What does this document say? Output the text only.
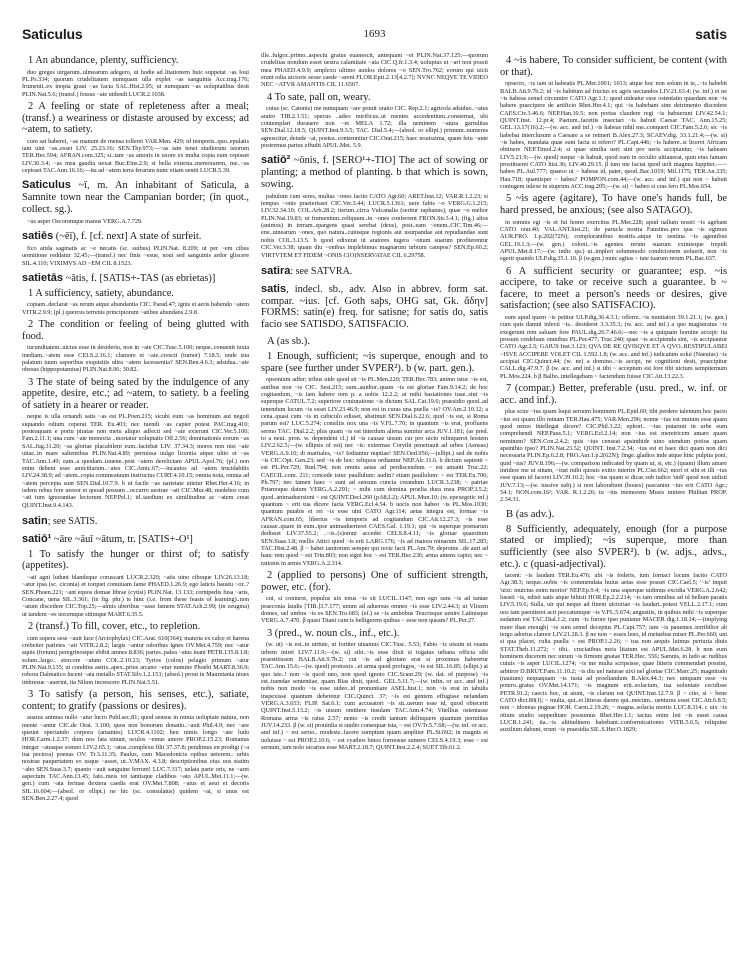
Saticulus	1693	satis

1 An abundance, plenty, sufficiency.

duo greges uirgarum..ulmearum adegero, ut hodie ad litationem huic suppetat ~as Ioui PL.Ps.334; quorum crudelitatem numquam ulla explet ~as sanguinis Acc.trag.176; frumenti..ex inopia graui ~as facta SAL.Hist.2.95; ut numquam ~as uoluptatibus desit PLIN.Nat.5.6; (transf.) fessus ~ate uidendi LUCR.2.1038.

2 A feeling or state of repleteness after a meal; (transf.) a weariness or distaste aroused by excess; ad ~atem, to satiety.

cum sat haberet, ~as manum de mensa tolleret VAR.Men. 429; id temporis..quo..epulatis iam uini ~as..esset LIV. 25.23.16; SEN.Thy.973;—~as iam tenet studiorum istorum TER.Hec.594; AFRAN.com.325; si..iam ~as amoris in uxore ex multa copia eum cepisset LIV.30.3.4; ~as mea gaudia uexat Buc.Eins.2.9; si bella externa..memorarem, me..~as cepisset TAC.Ann.16.16;—ita ad ~atem terra ferarum nunc etiam sentit LUCR.5.39.

Saticulus ~ī, m. An inhabitant of Saticula, a Samnite town near the Campanian border; (in quot., collect. sg.).

~us asper Oscorumque manus VERG.A.7.729.

satiēs (~ēī), f. [cf. next] A state of surfeit.

fico arida saginatis ac ~e necatis (sc. suibus) PLIN.Nat. 8.209; ut per ~em cibus uomitione reddatur 32.45;—(transf.) nec finis ~esue, noui sed sanguinis ardor gliscere SIL.4.110; VIXIMVS AD ~EM CIL 8.1523.

satietās ~ātis, f. [SATIS+-TAS (as ebrietas)]

1 A sufficiency, satiety, abundance.

copiam..declarat ~as rerum atque abundantia CIC. Parad.47; ignis et aeris habendo ~atem VITR.2.9.9; (pl.) quercus terrenis principiorum ~atibus abundans 2.9.8.

2 The condition or feeling of being glutted with food.

iucunditatem..uictus esse in desiderio, non in ~ate CIC.Tusc.5.100; neque..conuenit iuxta inediam..~atem esse CELS.2.16.1; clamore et ~ate..crescit (tumor) 7.18.5; unde ista palatum tuum saporibus exquisitis ultra ~atem lacessentia? SEN.Ben.4.6.3; adsidua..~ate obesus (hippopotamius) PLIN.Nat.8.96; 30.82.

3 The state of being sated by the indulgence of any appetite, desire, etc.; ad ~atem, to satiety. b a feeling of satiety in a hearer or reader.

neque is ulla ornandi satis ~as est PL.Poen.215; sicubi eum ~as hominum aut negoti siquando odium ceperat TER. Eu.403; nec tuendi ~as capier potest PAC.trag.410; posteaquam e portu piratae non metu aliquo adfecti sed ~ate exierunt CIC.Ver.5.100; Fam.2.11.1; una cum ~ate memoria ..moriatur uoluptatis Off.2.56; dominationis eorum ~as SAL.Jug.31.20; ~as gloriae placabilem eum..faciebat LIV. 37.34.3; mores non nisi ~ate uitae..in mare salientibus PLIN.Nat.4.89; permissa uulgo licentia atque ultio et ~as TAC.Ann.1.49; eam..a quodam..iuuene..post ~atem derelictam APUL.Apol.76; (pl.) non enim debent esse amicitiarum..~ates CIC.Amic.67;—incautos ad ~atem trucidabitis LIV.24.38.9; ad ~atem..copia commeatuum instructus CURT.4.10.15; omnia nota, omnia ad ~atem percepta sunt SEN.Dial.10.7.9. b ut facile ~as uarietate uitetur Rhet.Her.4.16; in isdem rebus fere uersor et quoad possum ..occurro uestrae ~ati CIC.Mur.48; medebor cum ~ati tum ignorantiae lectorum NEP.Pel.1; id..taedium ex similitudine ac ~atem creat QUINT.Inst.9.4.143.

satin; see SATIS.

satiō¹ ~āre ~āuī ~ātum, tr. [SATIS+-O¹]

1 To satisfy the hunger or thirst of; to satisfy (appetites).

~ati agni ludunt blandeque coruscant LUCR.2.320; ~atis uino ciboque LIV.26.13.18; ~atur ipsa (sc. ciconia) et torquet conuiuam fame PHAED.1.26.9; ego laticis haustu ~or..? SEN.Phoen.221; ~ant equos domae librae (cytisi) PLIN.Nat. 13.133; cornipedis fusa ~aris, Concane, uena SIL.3.361; (in fig. phr.) te hinc (i.e. from these feasts of learning)..non ~atum discedere CIC.Top.25;—almis uberibus ~asse famem STAT.Ach.2.99; (in zeugma) ut tandem ~es uocemque sitimque MART.6.35.5.

2 (transf.) To fill, cover, etc., to repletion.

cum supera sese ~auit luce (Arctophylax) CIC.Arat. 610(364); materia ex calce et harena crebeiter parietes ~ati VITR.2.8.2; largis ~antur odoribus ignes OV.Met.4.759; nec ~atur aquis (fretum) peregrinosque ebibit amnes 8.836; paries..palea ~atus inani PETR.135.8.1.8; solum..largo.. stercore ~atum COL.2.10.23; Tyrios (colos) pelagio primum ~atur PLIN.Nat.9.135; ut conditus astris..apex..prius arcano ~etur numine Phoebi MART.8.36.9; robora Dalmatico lucent ~ata metallo STAT.Silv.1.2.153; (absol.) prout in Mauretania niues imbresue ~auerint, ita Nilum increscere PLIN.Nat.5.51.

3 To satisfy (a person, his senses, etc.), satiate, content; to gratify (passions or desires).

auarus animus nullo ~atur lucro Publ.sec.81; quod sensus in nimia uoluptate natura, non mente ~antur CIC.de Orat. 3.100; quos non bonorum donatio..~auit Phil.4.9; nec ~are queunt spectando corpora (amantes) LUCR.4.1102; heu nimis longo ~ate ludo HOR.Carm.1.2.37; dum nos fata sinunt, oculos ~emus amore PROP.2.15.23; Romanus integer ~atusque somno LIV.2.65.1; ~atus..complexu filii 37.37.8; pendimus en prodigi (~a tua pectora) poenas OV. Tr.3.11.35; Paulus, cum Macedonicis opibus ueterem.. urbis nostrae paupertatem eo usque ~asset, ut..V.MAX. 4.3.8; descriptionibus eius uos statim ~abo SEN.Suas.3.7; quanto ~auit sanguine ferrum! LUC.7.317; uelata parte oris, ne ~aret aspectum TAC.Ann.13.45; fato..meis tot tantisque cladibus ~ato APUL.Met.11.1;—(w. gen.) cum ~ata ferinae dextera caedis erat OV.Met.7.808; ~atus et aeui et decoris SIL.16.604;—(absol. or ellipt.) ne hic (sc. consulatus) quidem ~at, si unus est SEN.Ben.2.27.4; quod

ille..fulgor..primo..aspectu gratus euanescit, antequam ~et PLIN.Nat.37.125;—quorum crudelitas nondum esset uestra calamitate ~ata CIC.Q.fr.1.3.4; uoluptas ut ~ari non possit mea PHAED.4.9.9; amplexu ultimo auidos dolores ~o SEN.Tro.762; eorum qui uicti erant odia uictoris sesse caede ~arent FLOR.Epit.2.13[4.2.7]; NVNC NEQVE TE VIDEO NEC ~ATVR AMANTIS CIL 11.6507.

4 To sate, pall on, weary.

cuius (sc. Catonis) me numquam ~are potuit oratio CIC. Rep.2.1; agricola adsiduo..~atus aratro TIB.2.1.51; specus ..adeo mirificus..ut mentes accedentium..consternat, ubi contemplari durauere non ~et MELA 1.72; illa neminem ~atura garrulitas SEN.Dial.12.18.5; QUINT.Inst.9.3.5; TAC. Dial.5.4;—(absol. or ellipt.) primum..numerus agnoscitur, deinde ~at, postea..contemnitur CIC.Orat.215; haec nouissima, quam fetu ~ante postremus partus effudit APUL.Met. 5.9.

satiō² ~ōnis, f. [SERO¹+-TIO] The act of sowing or planting; a method of planting. b that which is sown, sowing.

pabulum cum seres, multas ~ones facito CATO Agr.60; ARET.hist.12; VAR.R.1.2.23; si tempus ~onis praeterisset CIC.Ver.3.44; LUCR.5.1361; uere fabis ~o VERG.G.1.215; LIV.32.34.10; COL.Arb.28.2; iterum..circa Vulcanalia (seritur raphanus), quae ~o melior PLIN.Nat.19.83; ut frumentum..reliquum..in ~ones conferrent FRON.Str.3.4.1; (fig.) alios (animos) in terram..spargens quasi serebat (deus), post..eam ~onem..CIC.Tim.46;—ene..uinearum ~ones, quo natura..cuiusque regionis aut usurpandae aut repudiandae sunt nobis COL.3.13.5. b quod edixerat ut aratores iugera ~onum suarum profiterentur CIC.Ver.3.38; quam diu ~onibus implebimus magnarum urbium campos? SEN.Ep.60.2; VIRTVTEM ET FIDEM ~ONIS C(O)NSERVATAE CIL 6.29758.

satira: see SATVRA.

satis, indecl. sb., adv. Also in abbrev. form sat. compar. ~ius. [cf. Goth saþs, OHG sat, Gk. ἄδην] FORMS: satin(e) freq. for satisne; for satis do, satis facio see SATISDO, SATISFACIO.

A (as sb.).

1 Enough, sufficient; ~is superque, enough and to spare (see further under SVPER²). b (w. part. gen.).

opsonium adfer; tribus uide quod sit ~is PL.Men.220; TER.Hec.783; animo istuc ~is est, auribus non ~is CIC. Sest.215; sum..auidior..quam ~is est gloriae Fam.9.14.2; de hoc cogitandum, ~is iam habere rem p. a uobis 12.2.2; at mihi basiationes tuae..sint ~is superque CATUL.7.2; superiore coniuratione ~is dictum SAL.Cat.19.6; praesidio quod..ad tenendum locum ~is esset LIV.23.46.9; non est in curas una puella ~is? OV.Am.2.10.12; a cena..quasi cum ~is in cubiculo edisset, abstinuit SEN.Dial.6.22.6; quid ~is est, si Roma parum est? LUC.5.274; consiliis nox una ~is V.FL.7.70; in quantum ~is erat, profluens sermo TAC. Dial.2.2; plus quam ~is est interdum aliena sumitur arca JUV.1.181; (as pred. to a neut. pron. w. dependent cl.) id ~is causae uisum cur pro uicto relinqueret hostem LIV.2.62.5;—(w. ellipsis of est) nec ~is: extremas Corythi penetrauit ad urbes (Aeneas) VERG.A.9.10; di maritales, ~is? Iodiantur nuptiae! SEN.Oed.956;—(ellipt.) sed de nobis ~is CIC.Opt. Gen.23; sed ~is de hoc: reliquos ordiamur NEP.Alc.11.6. b dictum sapienti ~ est PL.Per.729; Rud.794; non omnis aetas ad perdiscendum ~ est amanti Truc.22; CAECIL.com. 211; concede istuc paullulum: audin? etiam paullulum: ~ est TER.Eu.706; Ph.797; nec tamen haec ~ sunt ad sensum cuncta creandum LUCR.3.238; ~ patriae Priamoque datum VERG.A.2.291; ~ mihi cum domina proelia dura mea PROP.3.5.2; quod..animaduersioni ~ est QUINT.Decl.260 (p.68,L2); APUL.Mun.10; (w. epexegetic inf.) quantum ~ erit tua dicere facta VERG.Ecl.4.54. b uocis non habeo ~is PL.Mos.1030; quantum putabis ei rei ~is esse uini CATO Agr.114; aetas integra est, formae ~is AFRAN.com.65; liberius ~is temporis ad cogitandum CIC.Att.12.27.3; ~is esse causae..quare in eum..ipse animaduerteret CAES.Gal. 1.19.1; qui ~is superque poenarum dedisset LIV.37.55.2; ..~is..(s)omni accedet CELS.8.4.11; ~is gloriae quaesitum SEN.Suas.1.8; mellis Attici quod ~is erit LARG.176; ~is ad maiora minarum SIL.17.285; TAC.Hist.2.48. β ~ habet ianitorum semper qui recte facit PL.Am.79; deprome ..de auri ad hanc rem quod ~ est Trin.803; non signi hoc ~ est TER.Hec.236; arma amens capio; nec ~ rationis in armis VERG.A.2.314.

2 (applied to persons) One of sufficient strength, power, etc. (for).

cui, si coniurot, populus uix totus ~is sit LUCIL.1147; non ego sum ~is ad tantae praeconia laudis [TIB.]3.7.177; unum ad aduersus omnes ~is esse LIV.2.44.3; ut Vlixem domes, uel umbra ~is es SEN.Tro.683; (ef.) se ~is ambobus Teucrisque uenire Latinisque VERG.A.7.470. β quasi Titani cum is belligerem quibus ~ esse non queam? PL.Per.27.

3 (pred., w. noun cls., inf., etc.).

(w. ut) ~is est..in uirtute, ut fortiter uiuamus CIC.Tusc. 5.53; Fabio ~is uisum ut ouans urbem iniret LIV.7.11.9;—(w. si) sibi..~is esse dixit si togatus urbana officia sibi praestitissem BALB.Att.9.7b.2; cui ~is ad gloriam erat si proximus haberetur TAC.Ann.15.6;—(w. quod) protraxis ..et arma quod profugos, ~is est SIL.16.85; (ellipt.) at quo iste..! non ~is quod uno, non quod ignoto CIC.Scaur.29; (w. dat. of purpose) ~is est..tuendae sententiae, quam Bias dixit, quod.. GEL.5.11.7;—(w. infin. or acc. and inf.) nobis non modo ~is esse uideo..id pronuntiare ASEL.hist.1; non ~is erat in tabulis inspexisse quantum deberetur CIC.Quinct. 37; ~is est gentem effugisse nefandam VERG.A.3.653; FLIP. Sat.6.1; cum accusatori ~is sit..uerum esse id, quod obiecerit QUINT.Inst.5.13.2; ~is uisum omittere insulam TAC.Ann.4.74; Vitellius ostentasse Romana arma ~is ratus 2.57; nemo ~is credit tantum delinquere quantum permittas JUV.14.233. β (w. si) prouinlia si studio consequar ista, ~ est OV.Tr.5.7.68;—(w. inf. or acc. and inf.) ~ est seruo.. modeste..facere sumptum quam ampliter PL.St.692; in magnis et uoluisse ~ est PROP.2.10.6; ~ est cyathos binos formosue sumere CELS.4.19.3; esse ~ est seruum, iam nolo uicarius esse MART.2.18.7; QUINT.Inst.2.2.4; SUET.Tib.61.2.

4 ~is habere, To consider sufficient, be content (with or that).

opsecro, ~is iam ut habeatis PL.Mer.1001; 1013; atque hoc non solum in te,..~is habebit BALB.Att.9.7b.2; id ~is habitum ad fructus ex agris uectandos LIV.21.63.4; (w. inf.) et ne ~is habeas semel circumire CATO Agr.1.1; quod uideatur esse ostentatio quaedam non ~is habere praecipere de artificio Rhet.Her.4.1; qui ~is habebant sine detrimento discedere CAES.Civ.3.46.6; NEP.Han.10.5; non portas claudere regi ~is habuerunt LIV.42.54.1; QUINT.Inst. 12.pr.4; Paetum..facetiis insectari ~is habuit Caesar TAC. Ann.15.25; GEL.13.17(16).2;—(w. acc. and inf.) ~is habeas nihil me..conqueri CIC.Fam.5.2.6; sic ~is habebat interclusum a Caesare a se retineri B.Alex.27.3; SCAEV.dig. 33.1.21.4;—(w. si) ~is habes, mandata quae sunt facta si refero? PL.Capt.446; ~is habere..si liceret Africam obtinere NEP.Timol.2.4; si quae similia ueri sint pro ueris accipiantur, ~is habeam LIV.5.21.9;—(w. quod) neque ~is habuit, quod eam in occulto uitiauerat, quin eius famam prostitueret CATO hist.36; LIV.40.29.15. β tum me faciat quod uolt magnus Iuppiter..—~ habeo PL.Aul.777; quaeso ut ~ habeas id, pater, quod..Bac.1019; Mil.1175; TER.An.335; Hau.718; quantisper ~ habes? POMPON.com.44;—(w. acc. and inf.) qui non ~ habuit coniugem inlexe in stuprum ACC.trag.205;—(w. si) ~ habeo si cras fero PL.Mos.654.

5 ~is agere (agitare), To have one's hands full, be hard pressed, be anxious; (see also SATAGO).

in somnis egi ~is et fui homo exercitus PL.Mer.228; apud uallum nostri ~is agebant CATO orat.40; VAL.ANT.hist.21; de parucla nostra Faustina..pro qua ~is egimus AUR.FRO. 1.p.202(72N); complorantibus nostris..atque in sentina ~is agentibus GEL.19.1.3;—(w. gen.) coloni..~is agentes rerum suarum eximieque trepidi APUL.Met.8.17;—(w. indir. qu.) ut..impleri solummodo condicionem uoluerit, non ~is egerit quando ULP.dig.35.1.10. β (w.gen.) nunc agitas ~ tute tuarum rerum PL.Bac.637.

6 A sufficient security or guarantee; esp. ~is accipere, to take or receive such a guarantee. b ~ facere, to meet a person's needs or desires, give satisfaction; (see also SATISFACIO).

eum apud quem ~is petitur ULP.dig.36.4.3.1; offerre..~is nuntiatori 39.1.21.1; (w. gen.) cum quis damni infecti ~is.. desideret 3.3.35.3; (w. acc. and inf.) a quo magistratus ~is exegerunt rem saluam fore PAUL.dig.26.7.46.6;—nec ~is a quiquam homine accepi: ita prosum credebam omnibus PL.Per.477; Truc.240; quae ~is accipienda sint, ~is accipiantur CATO Agr.2.5; GAIUS Inst.3.123; QVA DE RE QVISQVE ET A QVO..RESTIPULABEI ~ISVE ACCIPERE VOLET CIL 1.592.1.8; (w. acc. and inf.) iudicatum solui (Naeuius) ~is accipiat CIC.Quinct.44; (w. ne) a domino..~is accipi, ne cognitioni desit, praecipitur CALL.dig.47.9.7. β (w. acc. and inf.) si tibi ~ acceptum est fore tibi uictum sempiternum PL.Mos.224. b β Balbo..intellegebam ~ faciendum fuisse CIC.Att.13.22.3.

7 (compar.) Better, preferable (usu. pred., w. inf. or acc. and inf.).

plus scire ~ius quam loqui seruom hominem PL.Epid.60; tibi perdere talentum hoc pacto ~ius est quam illo minam TER.Hau.475; VAR.Men.296; nonne ~ius est mutum esse quam quod nemo intellegat dicere? CIC.Phil.3.22; ephori.. ~ius putarunt in urbe eum comprehendi NEP.Paus.5.1; VERG.Ecl.2.14; non ~ius est meretricem amare quam neminem? SEN.Con.2.4.2; quis ~ius censeat apsinthide uino utendum potius quam apsinthio ipso? PLIN.Nat.23.52; QUINT. Inst.7.2.34; ~ius est et haec dici quam non dici necessaria PLIN.Ep.6.2.8; FRO.Aur.1.p.2(62N); finge..gladios inde atque hinc pulpita poni, quid ~ius? JUV.8.196;—(w. comparison indicated by quam ut, si, etc.) (quam) illum amare inridere me ut sinam, ~iust mihi quouis exitio interire PL.Cist.662; mori et sibi et illi ~ius esse quam id faceret LIV.39.10.2; hoc ~ius quam si dicas sub iudice 'uidi' quod non uidisti JUV.7.13;—(w. iussive subj.) si non laborabunt (boues) pascantur ~ius erit CATO Agr.; 54.1; NON.com.16²; VAR. R.1.2.26; tu ~ius memorem Musis imitere Philitan PROP. 2.34.31.

B (as adv.).

8 Sufficiently, adequately, enough (for a purpose stated or implied); ~is superque, more than sufficiently (see also SVPER²). b (w. adjs., advs., etc.). c (quasi-adjectival).

tacent: ~is laudant TER.Eu.476; ubi ~is foderis, tum fornaci locum facito CATO Agr.38.3; neque..uobis ~is commendata huius aetas esse posset CIC.Cael.5; '~is' inquit 'uixi: inuictus enim morior' NEP.Ep.9.4; ~is una superque uidimus excidia VERG.A.2.642; lusisti ~is, edisti satis atque bibisti HOR.Ep.2.2.214; ~is iam omnibus ad id bellum paratis LIV.5.19.6; Sulla, uir qui neque ad finem uictoriae ~is laudari..potest VELL.2.17.1; cum uos iam paeniteret acti peccatumque ~is V.FL.5.674; angustiis, in quibus mihi ~is superque sudatum est TAC.Dial.1.2; cum ~is furore ipso puniatur MACER dig.1.18.14;—(implying more than enough) ~is sum semel deceptus PL.Capt.757; iam ~is pauentes..terribilior ab tergo adortus clamor LIV.21.28.3. β ne non ~ esses leno, id metuebas miser PL.Per.660; uni si qua placet, culta puella ~ est PROP.1.2.26; ~ tua non aequis luimus periuria diuis STAT.Theb.11.272; ~ tibi.. cruciatibus meis litatum est APUL.Met.6.28. b non eum hominem ducerem nec uirum ~is firmum gnatae TER.Hec. 556; Samnis, in ludo ac rudibus cuiuis ~is asper LUCIL.1274; ~is me multa scripsisse, quae litteris commendari possint, arbitror D.BRUT.Fam.11.10.2; ~is diu uel naturae uixi uel gloriae CIC.Marc.25; magnitudo (nauium) nequaquam ~is iusta ad proeliandum B.Alex.44.3; nec umquam esse ~is potero..gratus OV.Met.14.171; ~is magnum erit..solacium, tua uoluntate cecidisse PETR.91.2; caecis hoc, ut aiunt, ~is clarum est QUINT.Inst.12.7.9. β ~ cito, si ~ bene CATO dict.80(J); ~ multa, qui..ei litteras darem qui..mecum.. uenturus esset CIC.Att.6.8.5; non ~ idoneus pugnae HOR. Carm.2.19.26; ~ magna..solacia mortis LUC.8.314. c uix ~is otium studio suppeditare possumus Rhet.Her.1.1; tactus enim leti ~is esset causa LUCR.1.241; ita..~is altitudinem habebant..conformicationes VITR.5.6.5; reliquine auxilium dabunt, erunt ~is praesidia SIL.S.Her.O.1829;
